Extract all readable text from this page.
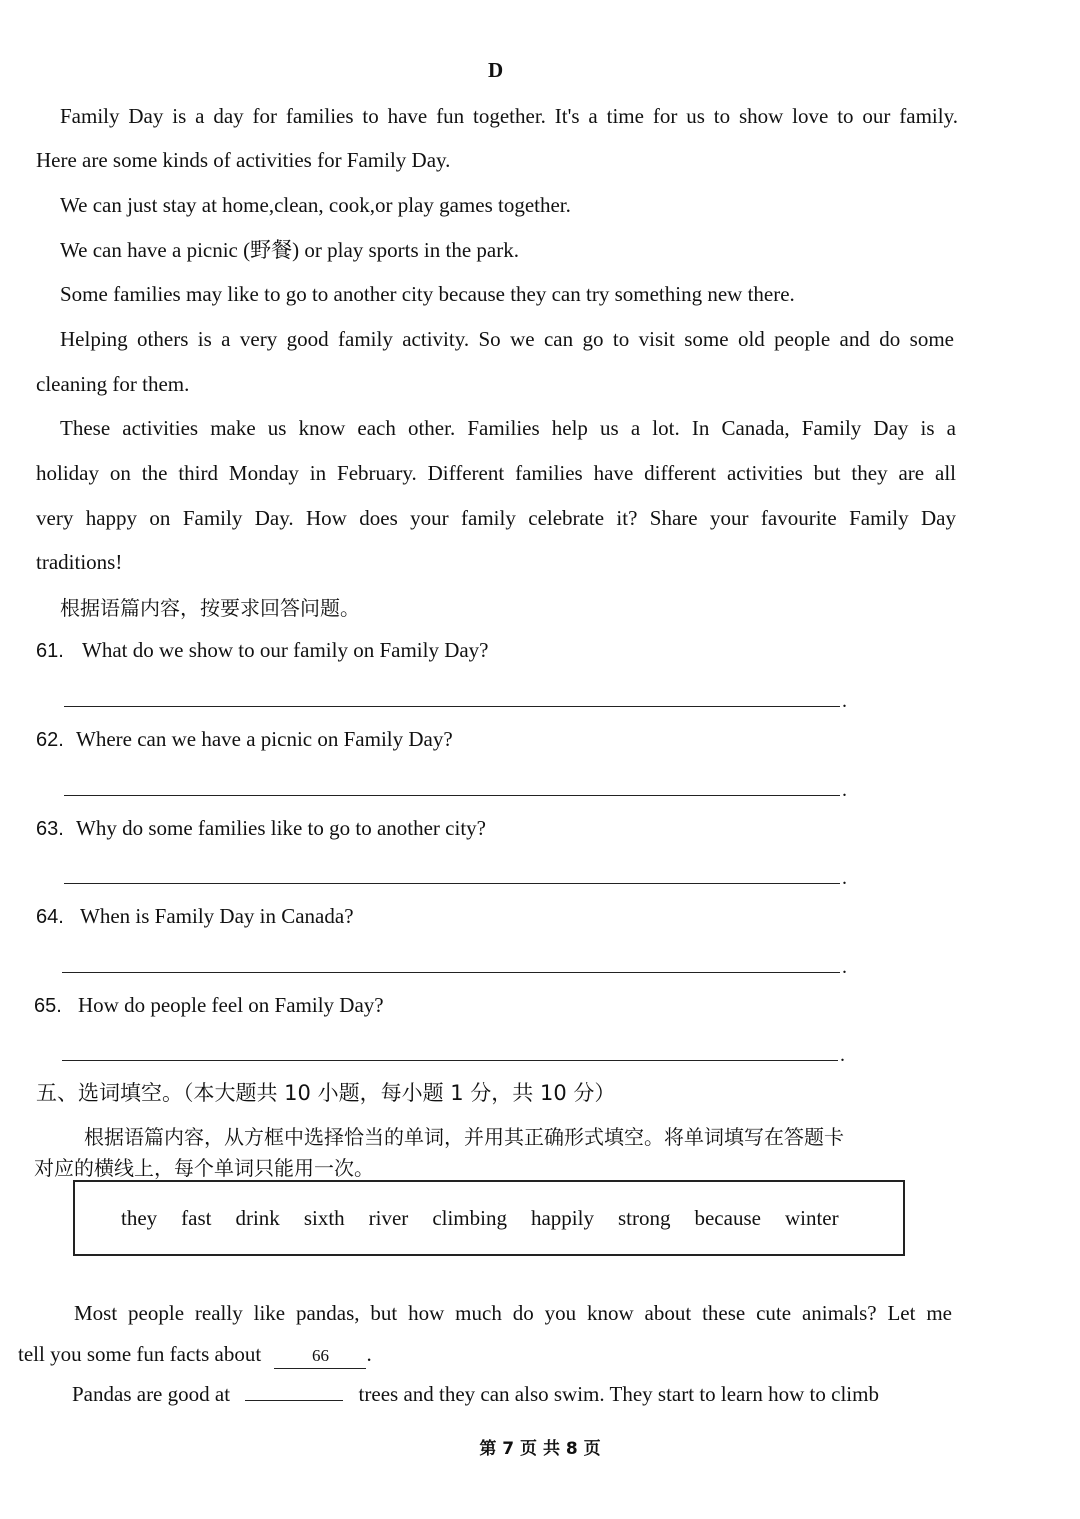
D
Family Day is a day for families to have fun together. It's a time for us to show love to our family.
Here are some kinds of activities for Family Day.
We can just stay at home,clean, cook,or play games together.
We can have a picnic (野餐) or play sports in the park.
Some families may like to go to another city because they can try something new there.
Helping others is a very good family activity. So we can go to visit some old people and do some
cleaning for them.
These activities make us know each other. Families help us a lot. In Canada, Family Day is a
holiday on the third Monday in February. Different families have different activities but they are all
very happy on Family Day. How does your family celebrate it? Share your favourite Family Day
traditions!
根据语篇内容，按要求回答问题。
61. What do we show to our family on Family Day?
.
62. Where can we have a picnic on Family Day?
.
63. Why do some families like to go to another city?
.
64. When is Family Day in Canada?
.
65. How do people feel on Family Day?
.
五、选词填空。（本大题共 10 小题，每小题 1 分，共 10 分）
根据语篇内容，从方框中选择恰当的单词，并用其正确形式填空。将单词填写在答题卡
对应的横线上，每个单词只能用一次。
they fast drink sixth river climbing happily strong because winter
Most people really like pandas, but how much do you know about these cute animals? Let me
tell you some fun facts about	66 .
Pandas are good at	trees and they can also swim. They start to learn how to climb
第 7 页 共 8 页
